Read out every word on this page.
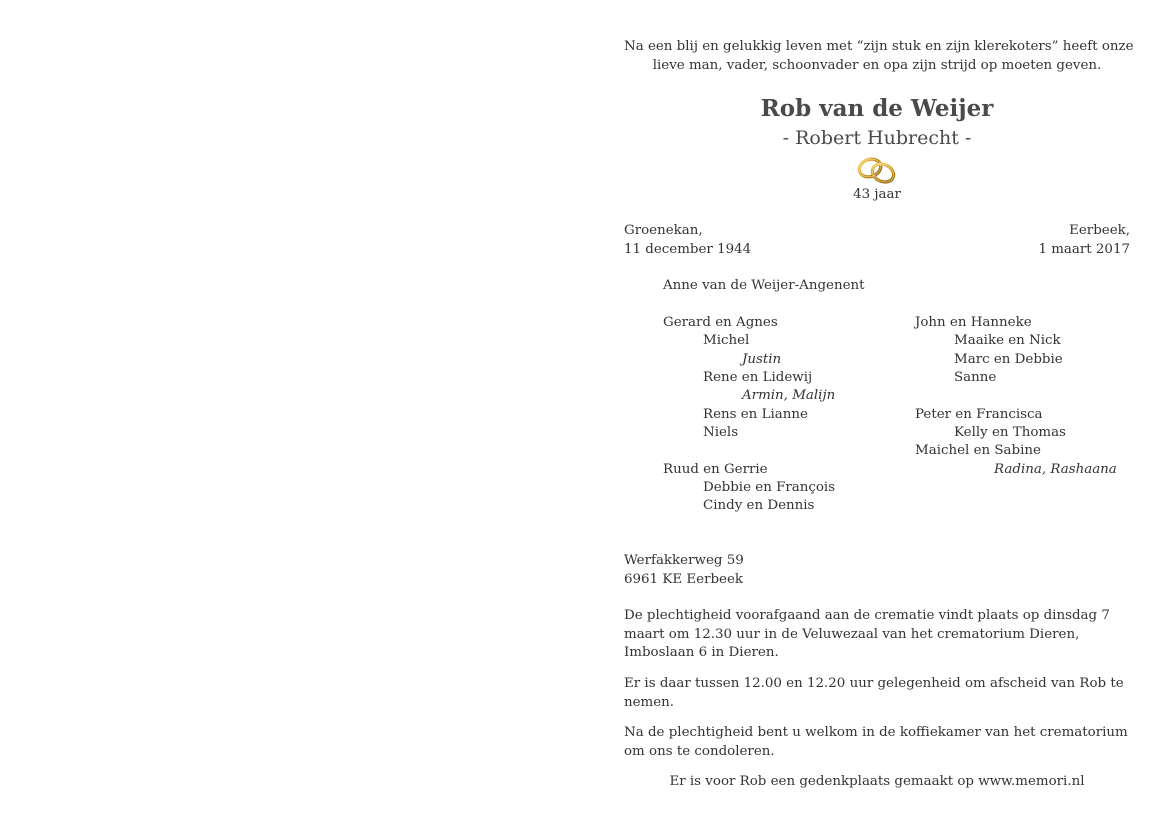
Na een blij en gelukkig leven met “zijn stuk en zijn klerekoters” heeft onze
lieve man, vader, schoonvader en opa zijn strijd op moeten geven.
Rob van de Weijer
- Robert Hubrecht -
43 jaar
Groenekan,
11 december 1944
Eerbeek,
1 maart 2017
Anne van de Weijer-Angenent
Gerard en Agnes
Michel
Justin
Rene en Lidewij
Armin, Malijn
Rens en Lianne
Niels
Ruud en Gerrie
Debbie en François
Cindy en Dennis
John en Hanneke
Maaike en Nick
Marc en Debbie
Sanne
Peter en Francisca
Kelly en Thomas
Maichel en Sabine
Radina, Rashaana
Werfakkerweg 59
6961 KE Eerbeek
De plechtigheid voorafgaand aan de crematie vindt plaats op dinsdag 7 maart om 12.30 uur in de Veluwezaal van het crematorium Dieren, Imboslaan 6 in Dieren.
Er is daar tussen 12.00 en 12.20 uur gelegenheid om afscheid van Rob te nemen.
Na de plechtigheid bent u welkom in de koffiekamer van het crematorium om ons te condoleren.
Er is voor Rob een gedenkplaats gemaakt op www.memori.nl
